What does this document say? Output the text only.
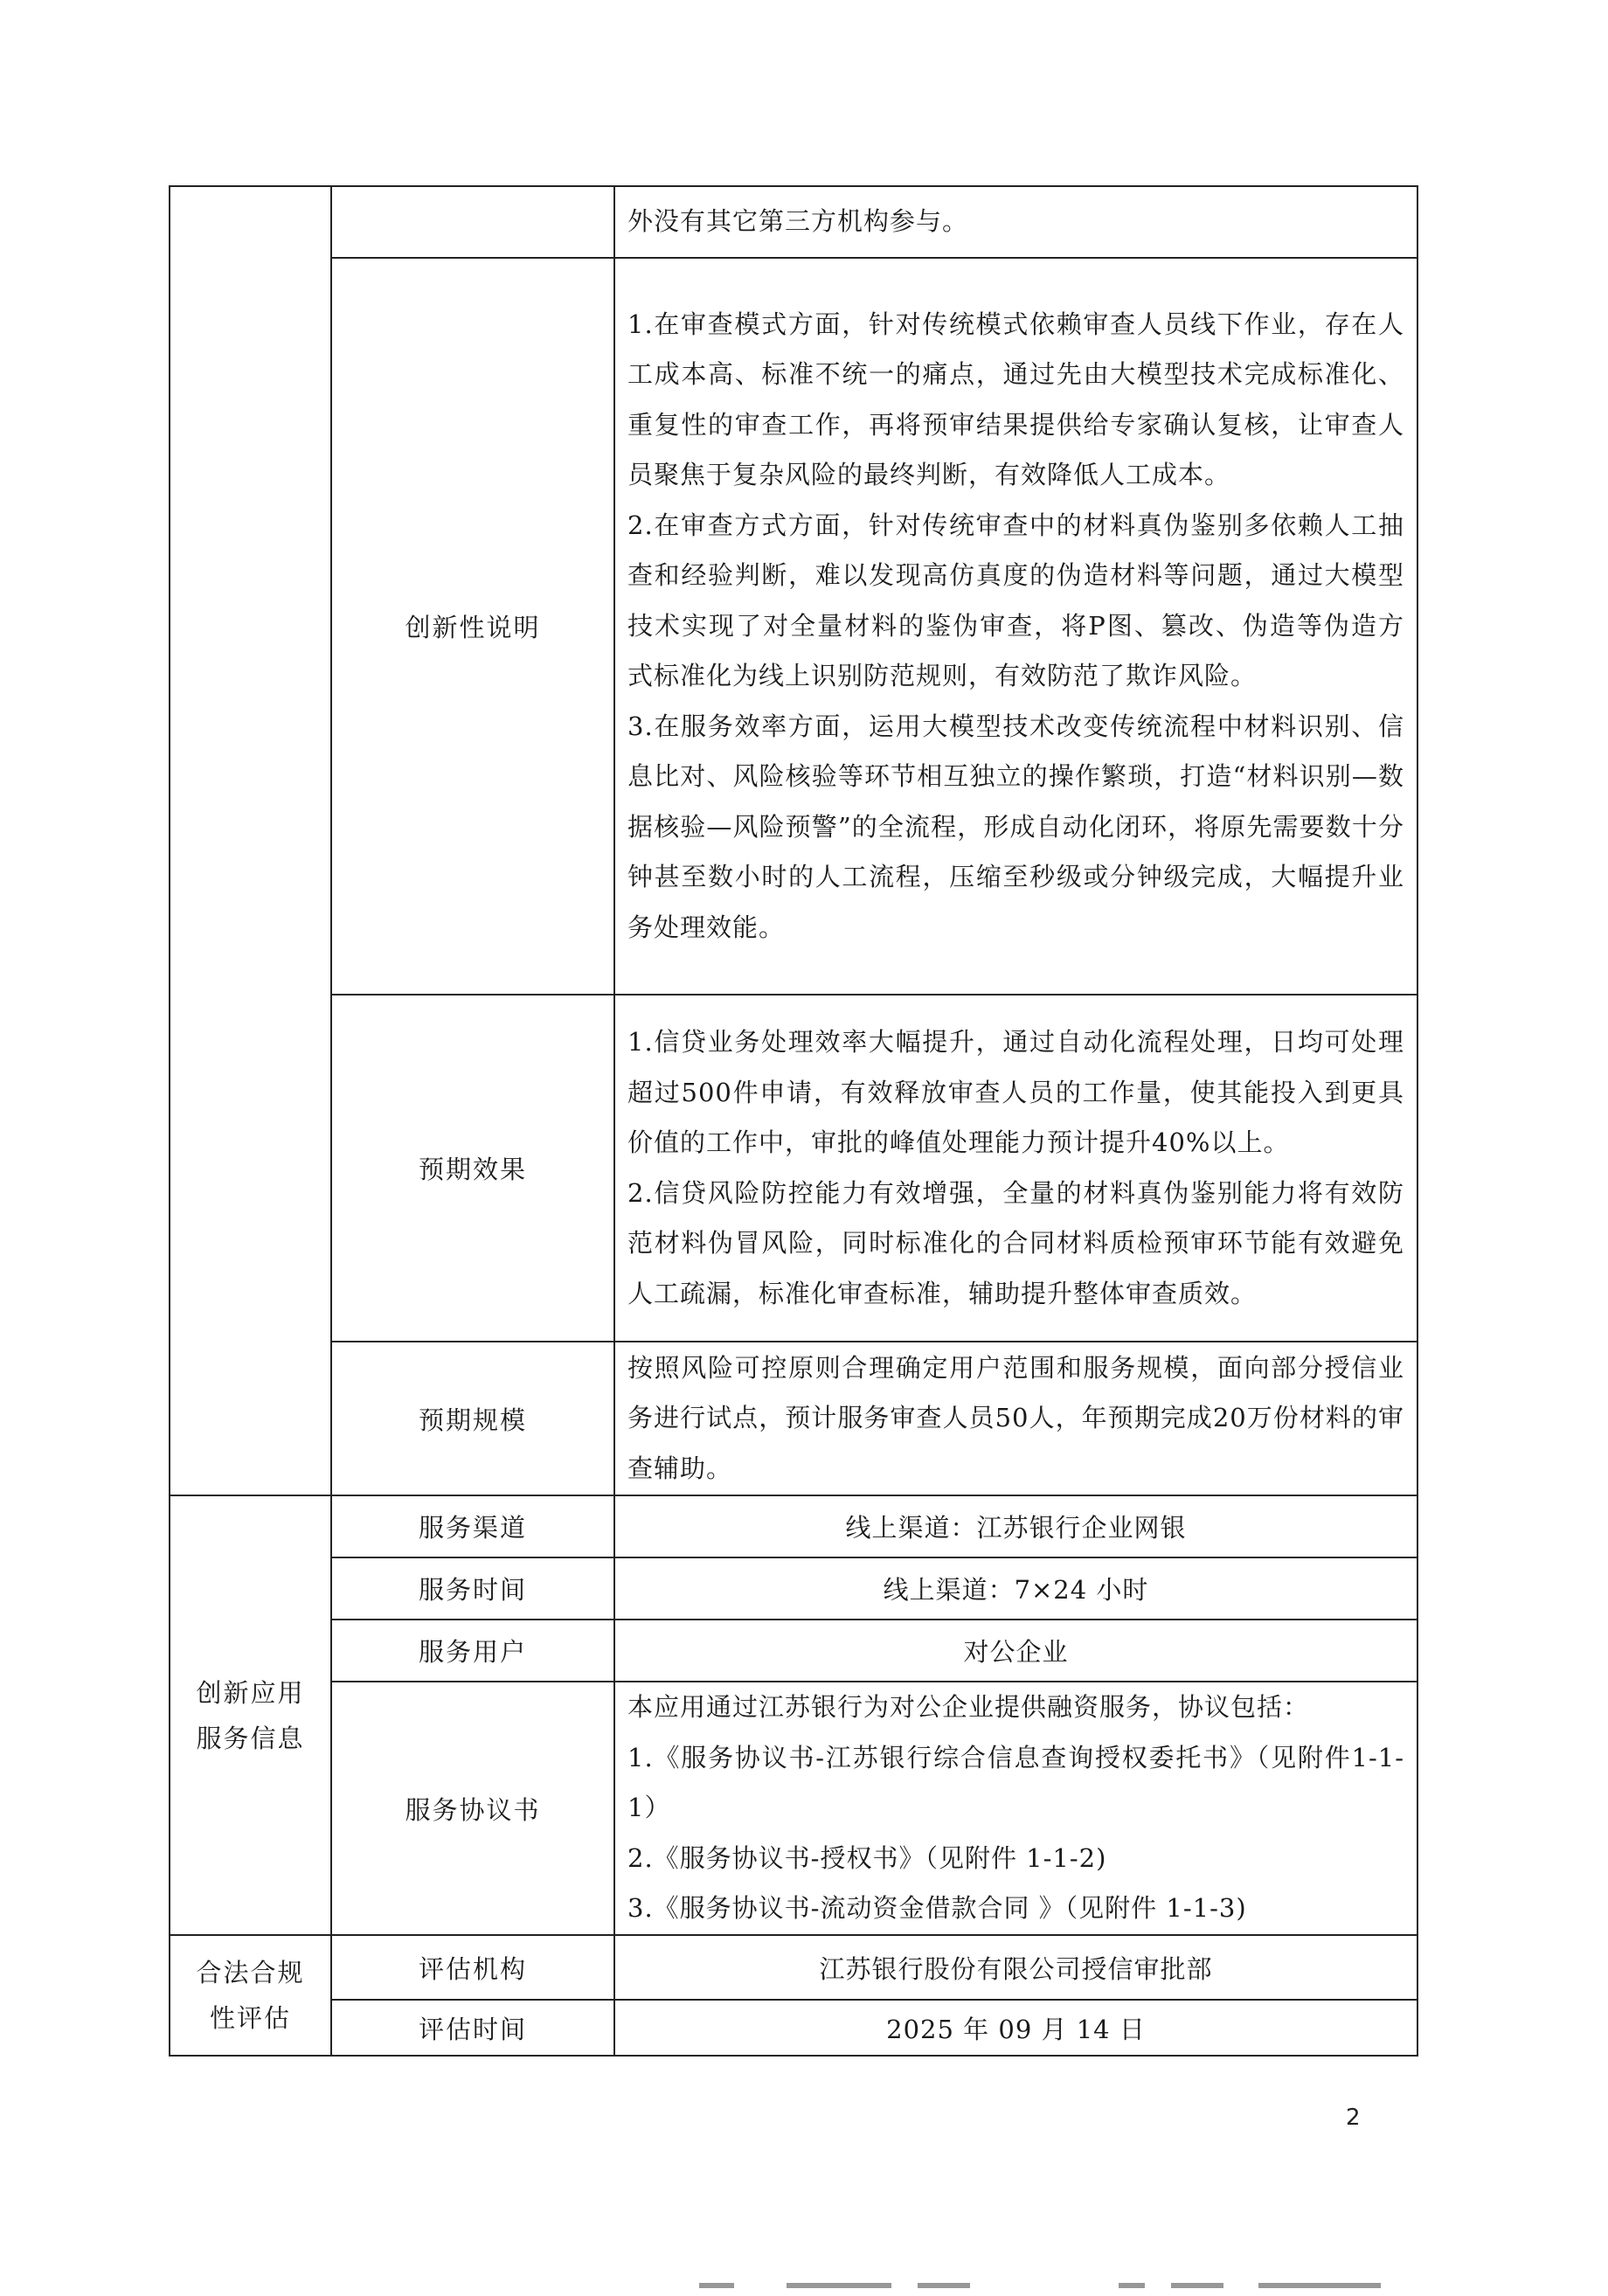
		外没有其它第三方机构参与。
	创新性说明	1.在审查模式方面，针对传统模式依赖审查人员线下作业，存在人工成本高、标准不统一的痛点，通过先由大模型技术完成标准化、重复性的审查工作，再将预审结果提供给专家确认复核，让审查人员聚焦于复杂风险的最终判断，有效降低人工成本。

2.在审查方式方面，针对传统审查中的材料真伪鉴别多依赖人工抽查和经验判断，难以发现高仿真度的伪造材料等问题，通过大模型技术实现了对全量材料的鉴伪审查，将P图、篡改、伪造等伪造方式标准化为线上识别防范规则，有效防范了欺诈风险。

3.在服务效率方面，运用大模型技术改变传统流程中材料识别、信息比对、风险核验等环节相互独立的操作繁琐，打造“材料识别—数据核验—风险预警”的全流程，形成自动化闭环，将原先需要数十分钟甚至数小时的人工流程，压缩至秒级或分钟级完成，大幅提升业务处理效能。

	预期效果	1.信贷业务处理效率大幅提升，通过自动化流程处理，日均可处理超过500件申请，有效释放审查人员的工作量，使其能投入到更具价值的工作中，审批的峰值处理能力预计提升40%以上。

2.信贷风险防控能力有效增强，全量的材料真伪鉴别能力将有效防范材料伪冒风险，同时标准化的合同材料质检预审环节能有效避免人工疏漏，标准化审查标准，辅助提升整体审查质效。

	预期规模	按照风险可控原则合理确定用户范围和服务规模，面向部分授信业务进行试点，预计服务审查人员50人，年预期完成20万份材料的审查辅助。
创新应用
服务信息	服务渠道	线上渠道：江苏银行企业网银
	服务时间	线上渠道：7×24 小时
	服务用户	对公企业
	服务协议书	本应用通过江苏银行为对公企业提供融资服务，协议包括：

1.《服务协议书-江苏银行综合信息查询授权委托书》（见附件1-1-1）

2.《服务协议书-授权书》（见附件 1-1-2)

3.《服务协议书-流动资金借款合同 》（见附件 1-1-3)

合法合规
性评估	评估机构	江苏银行股份有限公司授信审批部
	评估时间	2025 年 09 月 14 日
2
